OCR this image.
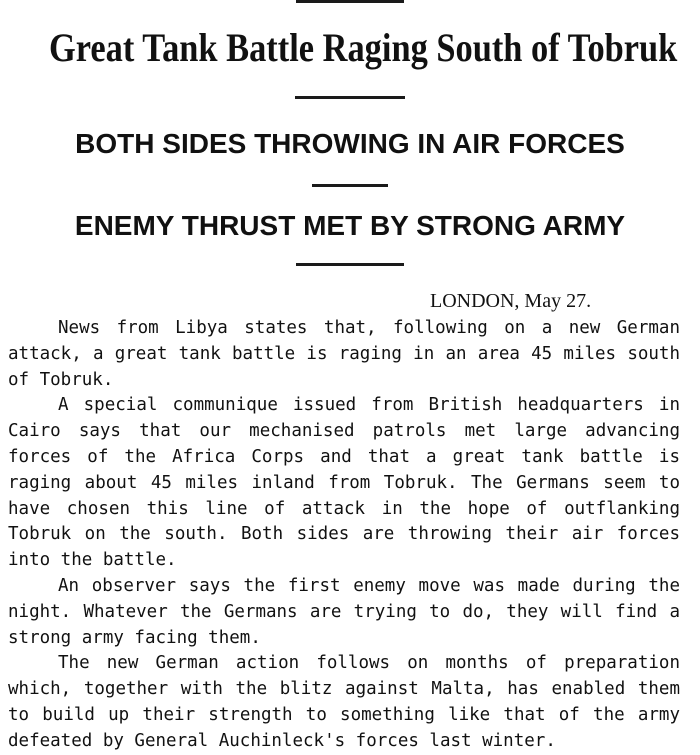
Great Tank Battle Raging South of Tobruk
BOTH SIDES THROWING IN AIR FORCES
ENEMY THRUST MET BY STRONG ARMY
LONDON, May 27.

News from Libya states that, following on a new German attack, a great tank battle is raging in an area 45 miles south of Tobruk.

A special communique issued from British headquarters in Cairo says that our mechanised patrols met large advancing forces of the Africa Corps and that a great tank battle is raging about 45 miles inland from Tobruk. The Germans seem to have chosen this line of attack in the hope of outflanking Tobruk on the south. Both sides are throwing their air forces into the battle.

An observer says the first enemy move was made during the night. Whatever the Germans are trying to do, they will find a strong army facing them.

The new German action follows on months of preparation which, together with the blitz against Malta, has enabled them to build up their strength to something like that of the army defeated by General Auchinleck's forces last winter.
